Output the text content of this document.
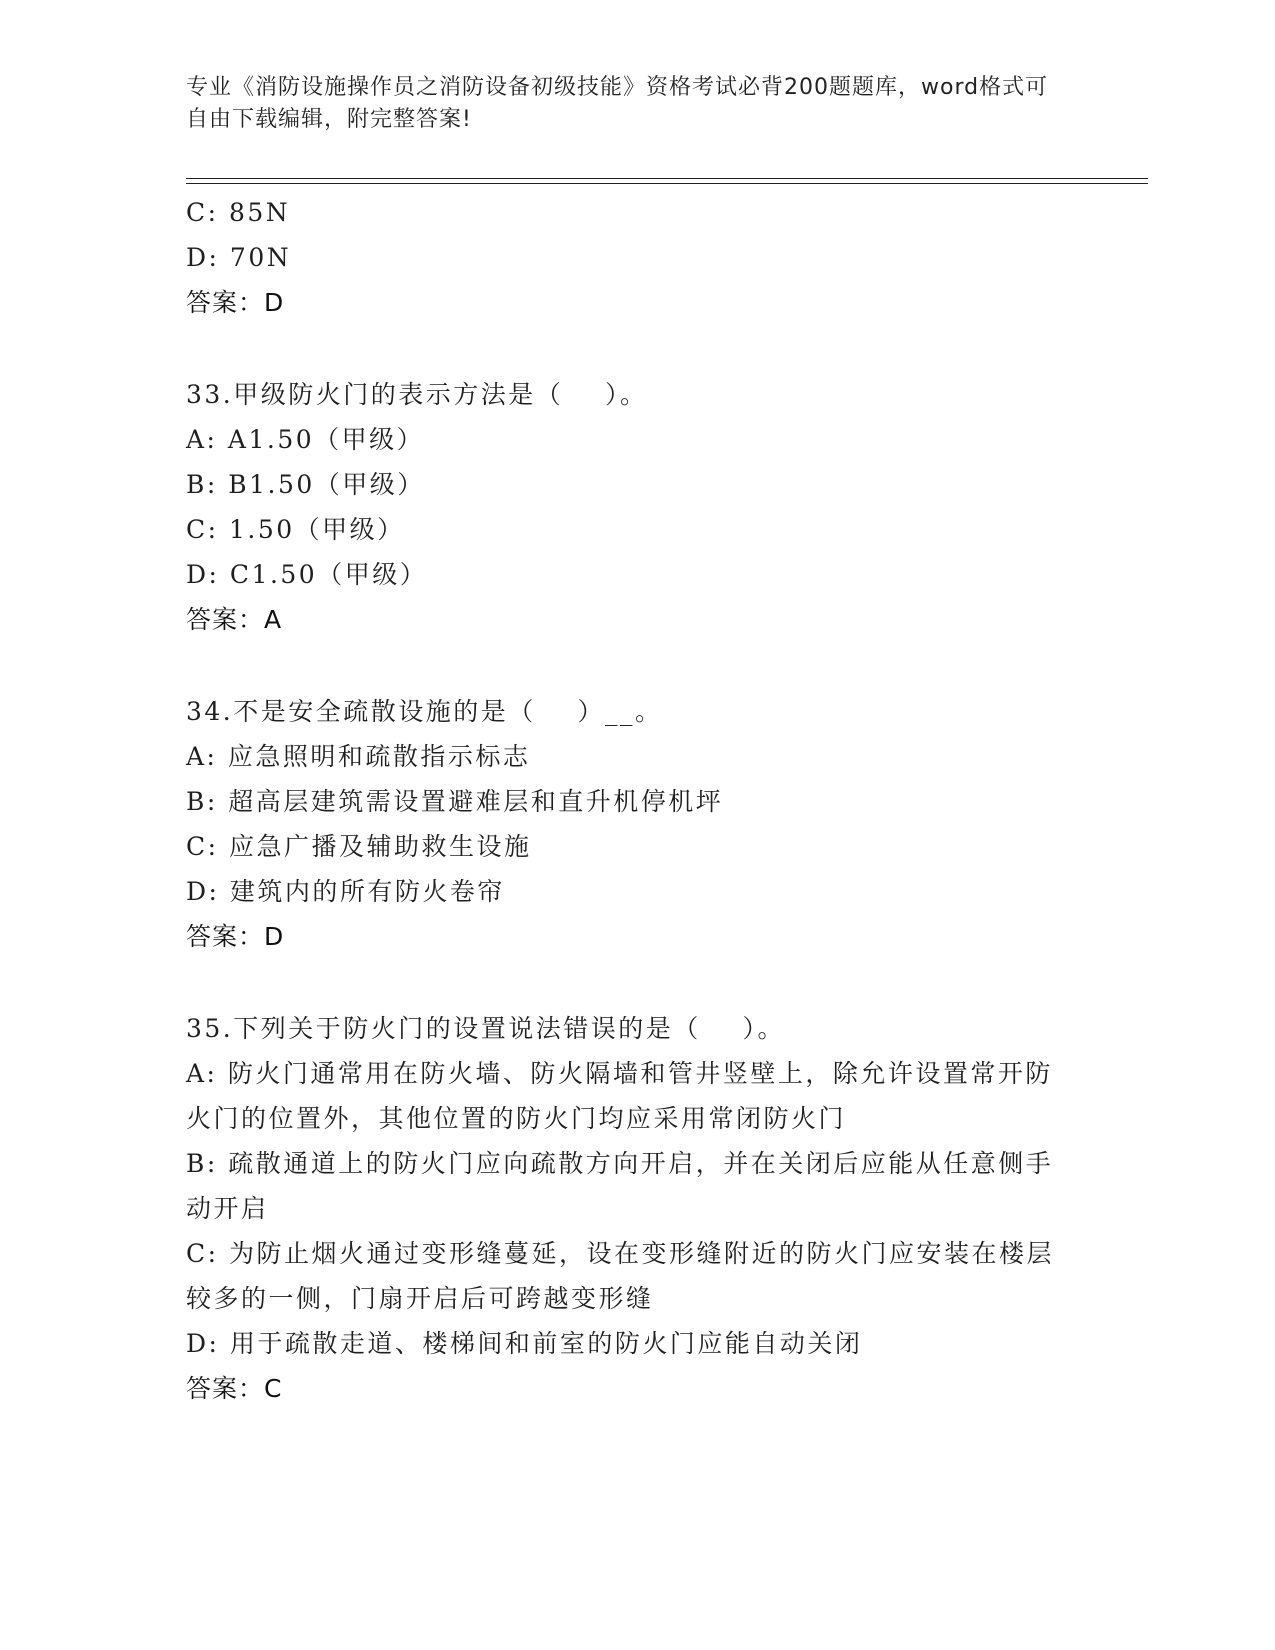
专业《消防设施操作员之消防设备初级技能》资格考试必背200题题库，word格式可自由下载编辑，附完整答案!
C: 85N
D: 70N
答案：D
33.甲级防火门的表示方法是（    ）。
A: A1.50（甲级）
B: B1.50（甲级）
C: 1.50（甲级）
D: C1.50（甲级）
答案：A
34.不是安全疏散设施的是（    ）__。
A: 应急照明和疏散指示标志
B: 超高层建筑需设置避难层和直升机停机坪
C: 应急广播及辅助救生设施
D: 建筑内的所有防火卷帘
答案：D
35.下列关于防火门的设置说法错误的是（    ）。
A: 防火门通常用在防火墙、防火隔墙和管井竖壁上，除允许设置常开防火门的位置外，其他位置的防火门均应采用常闭防火门
B: 疏散通道上的防火门应向疏散方向开启，并在关闭后应能从任意侧手动开启
C: 为防止烟火通过变形缝蔓延，设在变形缝附近的防火门应安装在楼层较多的一侧，门扇开启后可跨越变形缝
D: 用于疏散走道、楼梯间和前室的防火门应能自动关闭
答案：C
